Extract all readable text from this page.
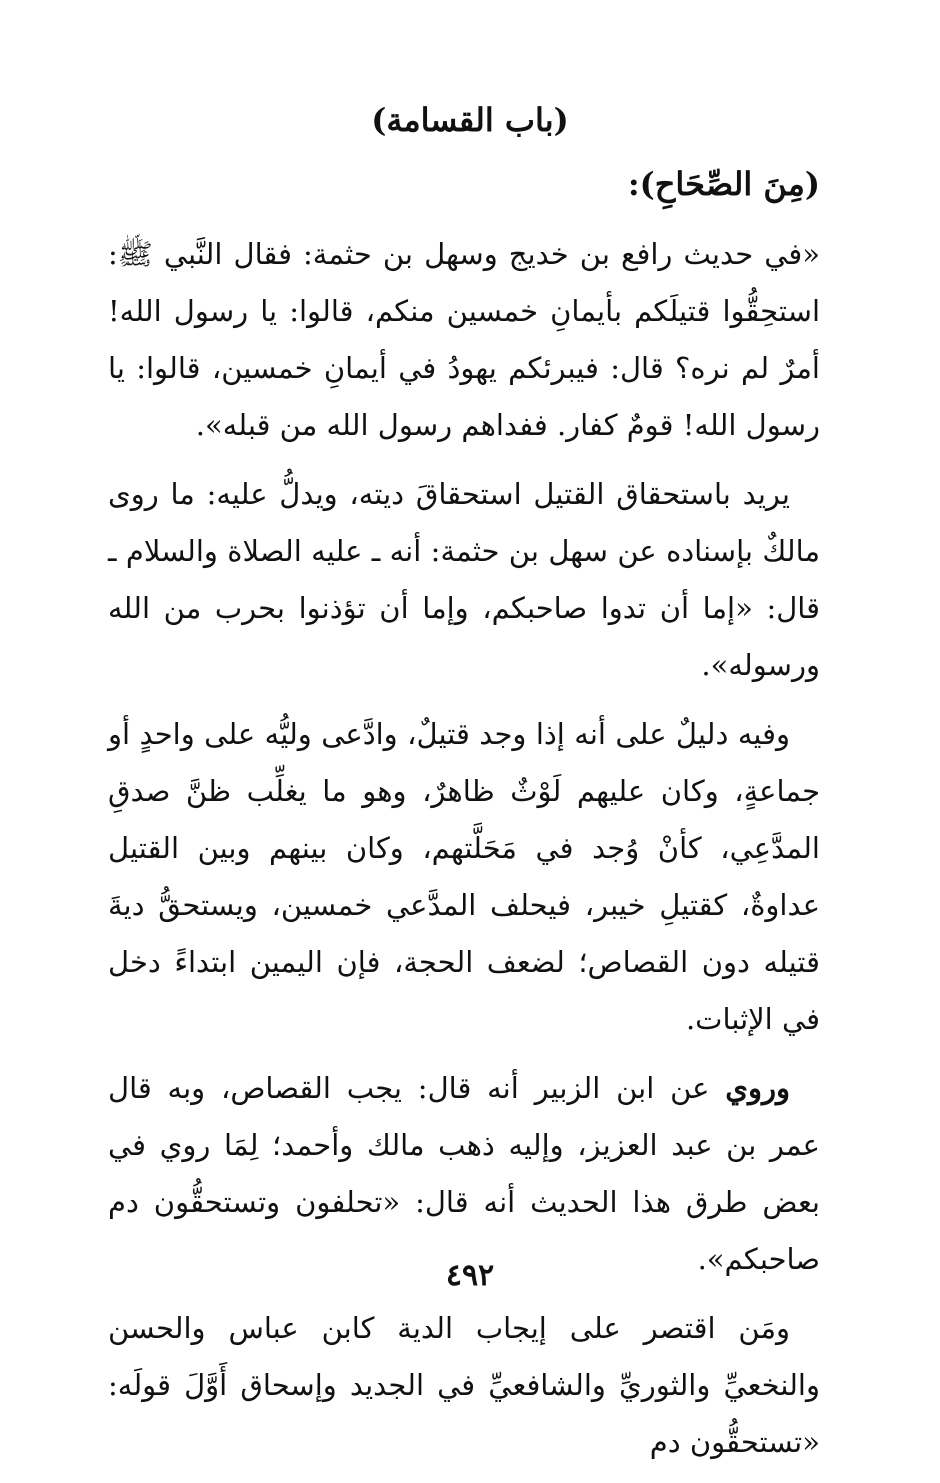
(باب القسامة)
(مِنَ الصِّحَاحِ):

«في حديث رافع بن خديج وسهل بن حثمة: فقال النَّبي ﷺ: استحِقُّوا قتيلَكم بأيمانِ خمسين منكم، قالوا: يا رسول الله! أمرٌ لم نره؟ قال: فيبرئكم يهودُ في أيمانِ خمسين، قالوا: يا رسول الله! قومٌ كفار. ففداهم رسول الله من قبله».

يريد باستحقاق القتيل استحقاقَ ديته، ويدلُّ عليه: ما روى مالكٌ بإسناده عن سهل بن حثمة: أنه ـ عليه الصلاة والسلام ـ قال: «إما أن تدوا صاحبكم، وإما أن تؤذنوا بحرب من الله ورسوله».

وفيه دليلٌ على أنه إذا وجد قتيلٌ، وادَّعى وليُّه على واحدٍ أو جماعةٍ، وكان عليهم لَوْثٌ ظاهرٌ، وهو ما يغلِّب ظنَّ صدقِ المدَّعِي، كأنْ وُجد في مَحَلَّتهم، وكان بينهم وبين القتيل عداوةٌ، كقتيلِ خيبر، فيحلف المدَّعي خمسين، ويستحقُّ ديةَ قتيله دون القصاص؛ لضعف الحجة، فإن اليمين ابتداءً دخل في الإثبات.

وروي عن ابن الزبير أنه قال: يجب القصاص، وبه قال عمر بن عبد العزيز، وإليه ذهب مالك وأحمد؛ لِمَا روي في بعض طرق هذا الحديث أنه قال: «تحلفون وتستحقُّون دم صاحبكم».

ومَن اقتصر على إيجاب الدية كابن عباس والحسن والنخعيِّ والثوريِّ والشافعيِّ في الجديد وإسحاق أَوَّلَ قولَه: «تستحقُّون دم

٤٩٢
